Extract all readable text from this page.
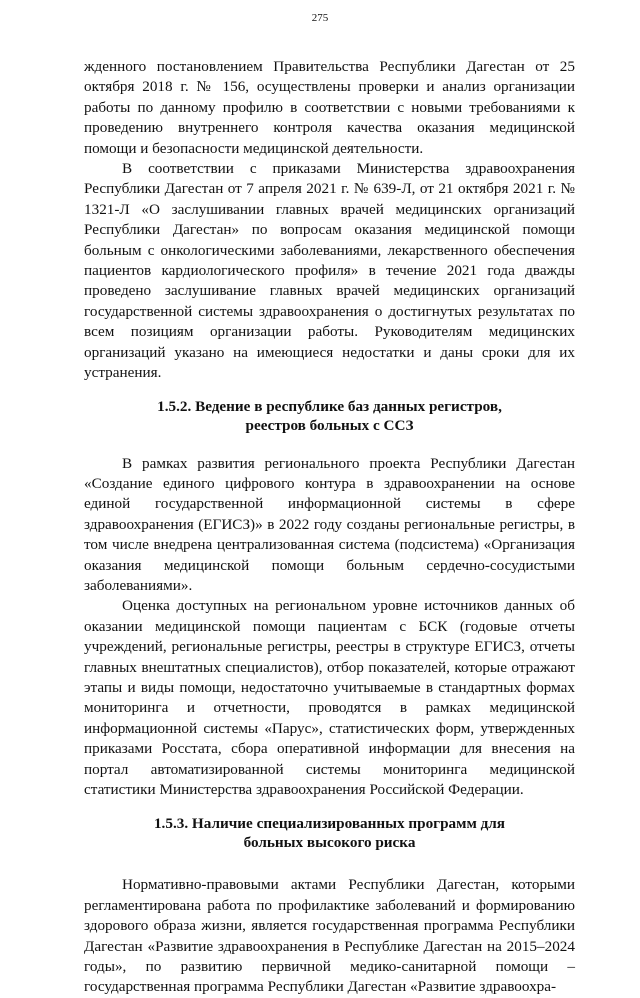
275

жденного постановлением Правительства Республики Дагестан от 25 октября 2018 г. № 156, осуществлены проверки и анализ организации работы по данному профилю в соответствии с новыми требованиями к проведению внутреннего контроля качества оказания медицинской помощи и безопасности медицинской деятельности.

В соответствии с приказами Министерства здравоохранения Республики Дагестан от 7 апреля 2021 г. № 639-Л, от 21 октября 2021 г. № 1321-Л «О заслушивании главных врачей медицинских организаций Республики Дагестан» по вопросам оказания медицинской помощи больным с онкологическими заболеваниями, лекарственного обеспечения пациентов кардиологического профиля» в течение 2021 года дважды проведено заслушивание главных врачей медицинских организаций государственной системы здравоохранения о достигнутых результатах по всем позициям организации работы. Руководителям медицинских организаций указано на имеющиеся недостатки и даны сроки для их устранения.

1.5.2. Ведение в республике баз данных регистров, реестров больных с ССЗ

В рамках развития регионального проекта Республики Дагестан «Создание единого цифрового контура в здравоохранении на основе единой государственной информационной системы в сфере здравоохранения (ЕГИСЗ)» в 2022 году созданы региональные регистры, в том числе внедрена централизованная система (подсистема) «Организация оказания медицинской помощи больным сердечно-сосудистыми заболеваниями».

Оценка доступных на региональном уровне источников данных об оказании медицинской помощи пациентам с БСК (годовые отчеты учреждений, региональные регистры, реестры в структуре ЕГИСЗ, отчеты главных внештатных специалистов), отбор показателей, которые отражают этапы и виды помощи, недостаточно учитываемые в стандартных формах мониторинга и отчетности, проводятся в рамках медицинской информационной системы «Парус», статистических форм, утвержденных приказами Росстата, сбора оперативной информации для внесения на портал автоматизированной системы мониторинга медицинской статистики Министерства здравоохранения Российской Федерации.

1.5.3. Наличие специализированных программ для больных высокого риска

Нормативно-правовыми актами Республики Дагестан, которыми регламентирована работа по профилактике заболеваний и формированию здорового образа жизни, является государственная программа Республики Дагестан «Развитие здравоохранения в Республике Дагестан на 2015–2024 годы», по развитию первичной медико-санитарной помощи – государственная программа Республики Дагестан «Развитие здравоохра-
